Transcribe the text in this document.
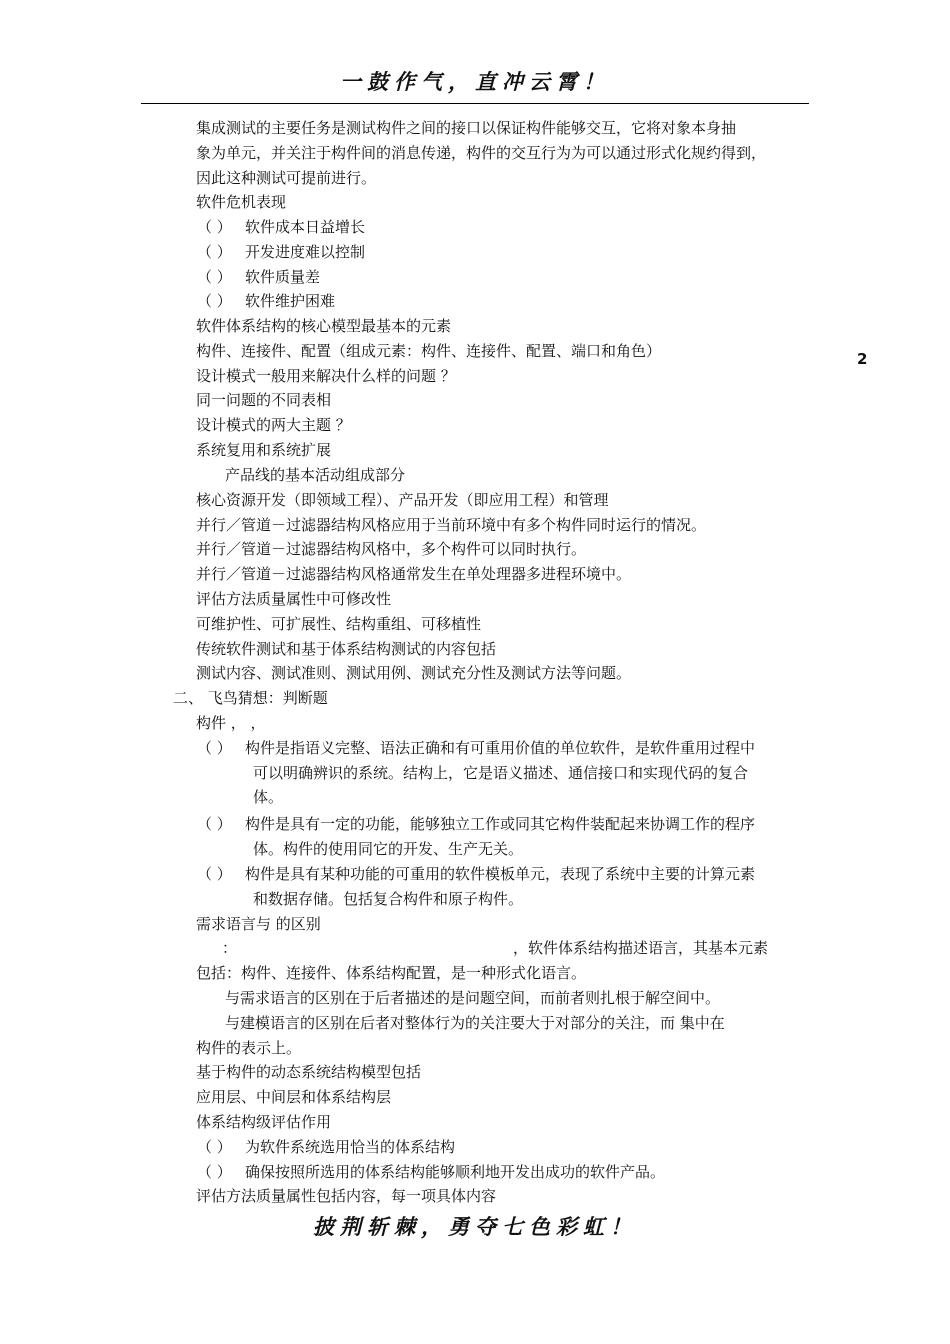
一鼓作气，直冲云霄！
2
集成测试的主要任务是测试构件之间的接口以保证构件能够交互，它将对象本身抽
象为单元，并关注于构件间的消息传递，构件的交互行为为可以通过形式化规约得到，
因此这种测试可提前进行。
软件危机表现
（ ） 软件成本日益增长
（ ） 开发进度难以控制
（ ） 软件质量差
（ ） 软件维护困难
软件体系结构的核心模型最基本的元素
构件、连接件、配置（组成元素：构件、连接件、配置、端口和角色）
设计模式一般用来解决什么样的问题 ？
同一问题的不同表相
设计模式的两大主题 ？
系统复用和系统扩展
产品线的基本活动组成部分
核心资源开发（即领域工程）、产品开发（即应用工程）和管理
并行／管道－过滤器结构风格应用于当前环境中有多个构件同时运行的情况。
并行／管道－过滤器结构风格中，多个构件可以同时执行。
并行／管道－过滤器结构风格通常发生在单处理器多进程环境中。
评估方法质量属性中可修改性
可维护性、可扩展性、结构重组、可移植性
传统软件测试和基于体系结构测试的内容包括
测试内容、测试准则、测试用例、测试充分性及测试方法等问题。
二、 飞鸟猜想：判断题
构件 ， ，
（ ） 构件是指语义完整、语法正确和有可重用价值的单位软件，是软件重用过程中
可以明确辨识的系统。结构上，它是语义描述、通信接口和实现代码的复合
体。
（ ） 构件是具有一定的功能，能够独立工作或同其它构件装配起来协调工作的程序
体。构件的使用同它的开发、生产无关。
（ ） 构件是具有某种功能的可重用的软件模板单元，表现了系统中主要的计算元素
和数据存储。包括复合构件和原子构件。
需求语言与 的区别
：	，软件体系结构描述语言，其基本元素
包括：构件、连接件、体系结构配置，是一种形式化语言。
与需求语言的区别在于后者描述的是问题空间，而前者则扎根于解空间中。
与建模语言的区别在后者对整体行为的关注要大于对部分的关注，而 集中在
构件的表示上。
基于构件的动态系统结构模型包括
应用层、中间层和体系结构层
体系结构级评估作用
（ ） 为软件系统选用恰当的体系结构
（ ） 确保按照所选用的体系结构能够顺利地开发出成功的软件产品。
评估方法质量属性包括内容，每一项具体内容
披荆斩棘，勇夺七色彩虹！
